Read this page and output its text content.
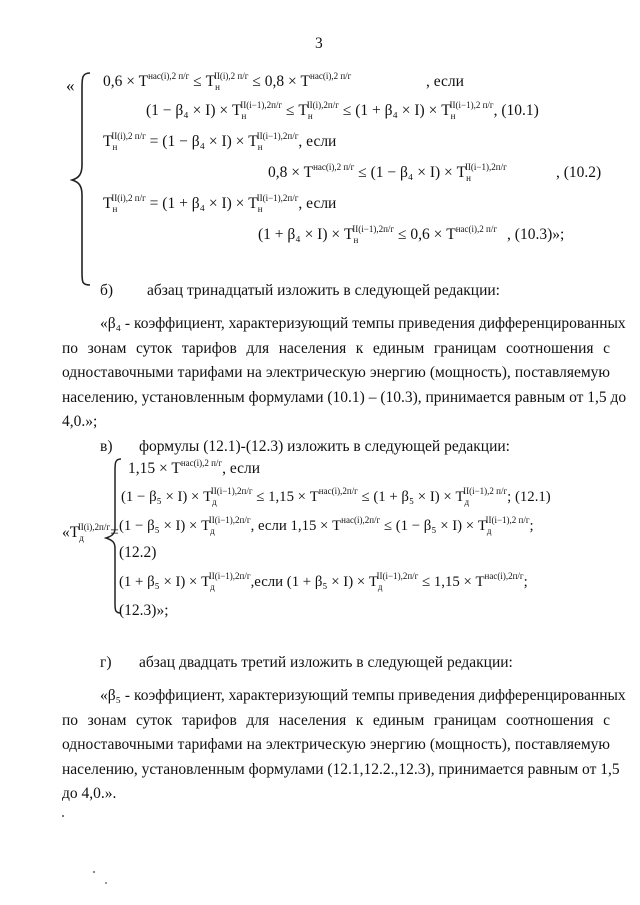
3
« $0,6 \times T^{нас(i),2 п/г} \le T_н^{II(i),2 п/г} \le 0,8 \times T^{нас(i),2 п/г}$	, если
$(1 - \beta_4 \times I) \times T_н^{II(i-1),2п/г} \le T_н^{II(i),2п/г} \le (1 + \beta_4 \times I) \times T_н^{II(i-1),2 п/г}$, (10.1)
$T_н^{II(i),2 п/г} = (1 - \beta_4 \times I) \times T_н^{II(i-1),2п/г}$, если
$0,8 \times T^{нас(i),2 п/г} \le (1 - \beta_4 \times I) \times T_н^{II(i-1),2п/г}$	, (10.2)
$T_н^{II(i),2 п/г} = (1 + \beta_4 \times I) \times T_н^{II(i-1),2п/г}$, если
$(1 + \beta_4 \times I) \times T_н^{II(i-1),2п/г} \le 0,6 \times T^{нас(i),2 п/г}$ , (10.3)»;
б) абзац тринадцатый изложить в следующей редакции:
«β₄ - коэффициент, характеризующий темпы приведения дифференцированных
по зонам суток тарифов для населения к единым границам соотношения с
одноставочными тарифами на электрическую энергию (мощность), поставляемую
населению, установленным формулами (10.1) – (10.3), принимается равным от 1,5 до
4,0.»;
в) формулы (12.1)-(12.3) изложить в следующей редакции:
«$T_д^{II(i),2п/г}=$
$1,15 \times T^{нас(i),2 п/г}$, если
$(1 - \beta_5 \times I) \times T_д^{II(i-1),2п/г} \le 1,15 \times T^{нас(i),2п/г} \le (1 + \beta_5 \times I) \times T_д^{II(i-1),2 п/г}$; (12.1)
$(1 - \beta_5 \times I) \times T_д^{II(i-1),2п/г}$, если $1,15 \times T^{нас(i),2п/г} \le (1 - \beta_5 \times I) \times T_д^{II(i-1),2 п/г}$;
(12.2)
$(1 + \beta_5 \times I) \times T_д^{II(i-1),2п/г},если$ $(1 + \beta_5 \times I) \times T_д^{II(i-1),2п/г} \le 1,15 \times T^{нас(i),2п/г}$;
(12.3)»;
г) абзац двадцать третий изложить в следующей редакции:
«β₅ - коэффициент, характеризующий темпы приведения дифференцированных
по зонам суток тарифов для населения к единым границам соотношения с
одноставочными тарифами на электрическую энергию (мощность), поставляемую
населению, установленным формулами (12.1,12.2.,12.3), принимается равным от 1,5
до 4,0.».
